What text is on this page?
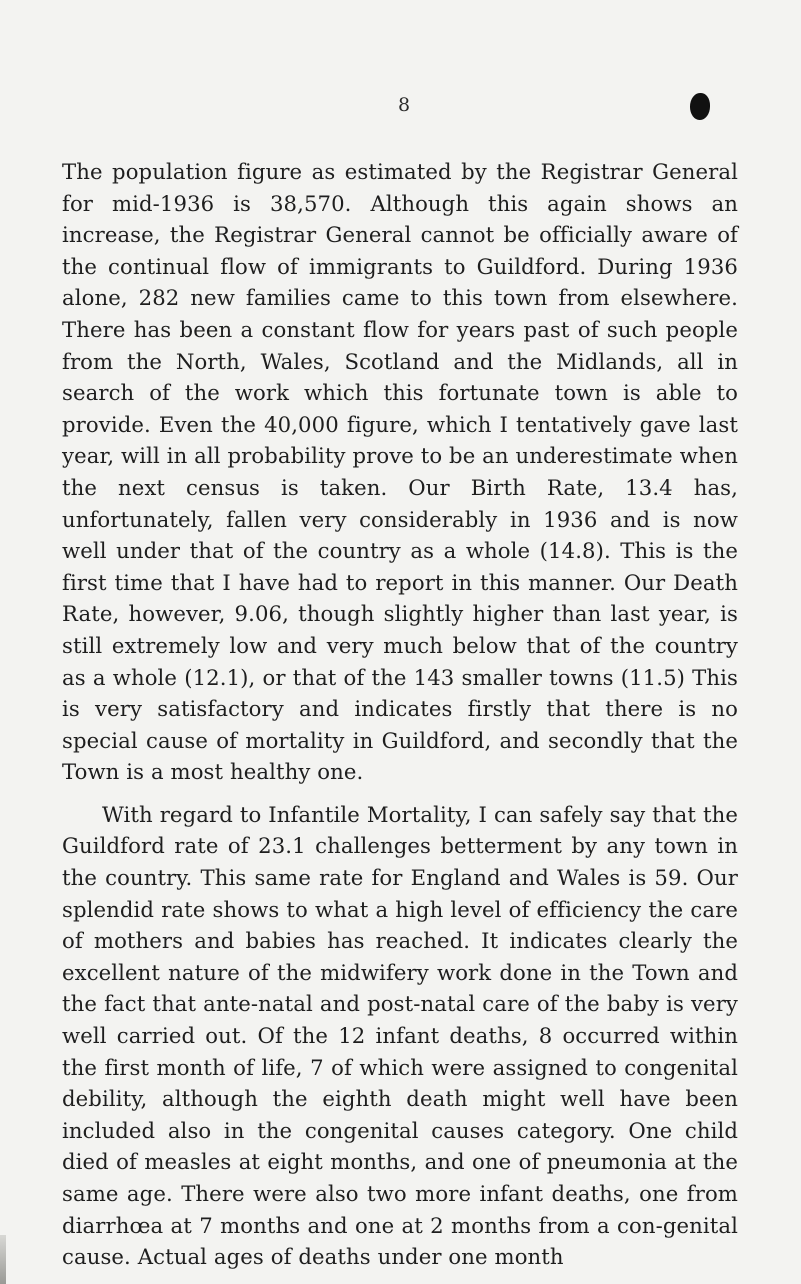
8

The population figure as estimated by the Registrar General for mid-1936 is 38,570. Although this again shows an increase, the Registrar General cannot be officially aware of the continual flow of immigrants to Guildford. During 1936 alone, 282 new families came to this town from elsewhere. There has been a constant flow for years past of such people from the North, Wales, Scotland and the Midlands, all in search of the work which this fortunate town is able to provide. Even the 40,000 figure, which I tentatively gave last year, will in all probability prove to be an underestimate when the next census is taken. Our Birth Rate, 13.4 has, unfortunately, fallen very considerably in 1936 and is now well under that of the country as a whole (14.8). This is the first time that I have had to report in this manner. Our Death Rate, however, 9.06, though slightly higher than last year, is still extremely low and very much below that of the country as a whole (12.1), or that of the 143 smaller towns (11.5) This is very satisfactory and indicates firstly that there is no special cause of mortality in Guildford, and secondly that the Town is a most healthy one.

With regard to Infantile Mortality, I can safely say that the Guildford rate of 23.1 challenges betterment by any town in the country. This same rate for England and Wales is 59. Our splendid rate shows to what a high level of efficiency the care of mothers and babies has reached. It indicates clearly the excellent nature of the midwifery work done in the Town and the fact that ante-natal and post-natal care of the baby is very well carried out. Of the 12 infant deaths, 8 occurred within the first month of life, 7 of which were assigned to congenital debility, although the eighth death might well have been included also in the congenital causes category. One child died of measles at eight months, and one of pneumonia at the same age. There were also two more infant deaths, one from diarrhœa at 7 months and one at 2 months from a con-genital cause. Actual ages of deaths under one month
